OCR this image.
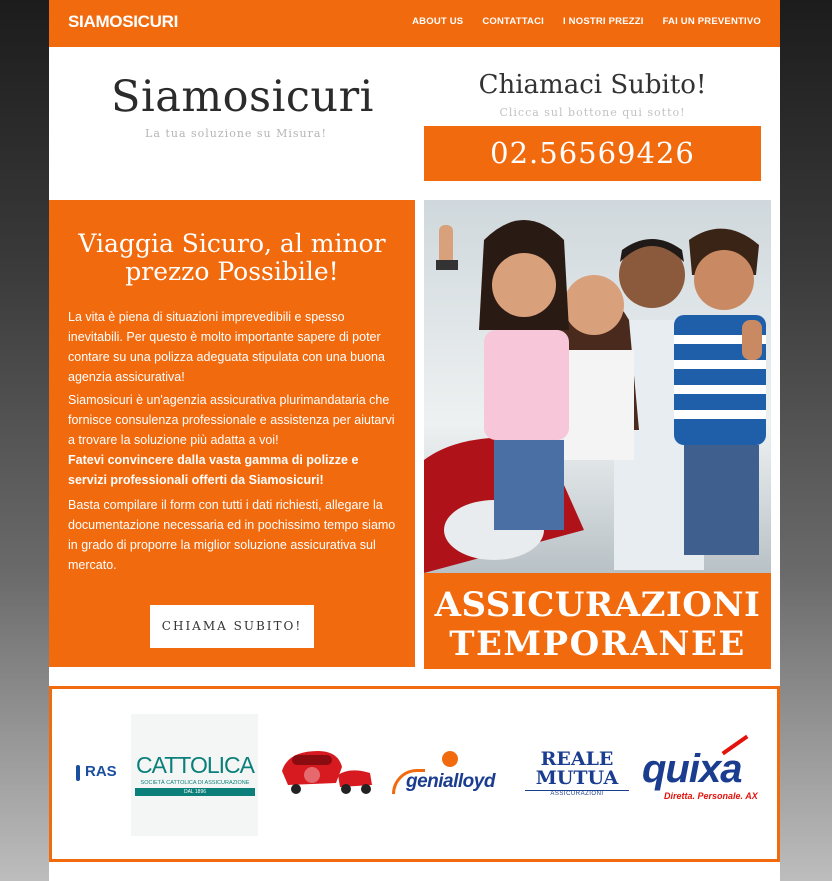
SIAMOSICURI	ABOUT US CONTATTACI I NOSTRI PREZZI FAI UN PREVENTIVO
Siamosicuri
La tua soluzione su Misura!
Chiamaci Subito!
Clicca sul bottone qui sotto!
02.56569426
Viaggia Sicuro, al minor prezzo Possibile!

La vita è piena di situazioni imprevedibili e spesso inevitabili. Per questo è molto importante sapere di poter contare su una polizza adeguata stipulata con una buona agenzia assicurativa!

Siamosicuri è un'agenzia assicurativa plurimandataria che fornisce consulenza professionale e assistenza per aiutarvi a trovare la soluzione più adatta a voi!

Fatevi convincere dalla vasta gamma di polizze e servizi professionali offerti da Siamosicuri!

Basta compilare il form con tutti i dati richiesti, allegare la documentazione necessaria ed in pochissimo tempo siamo in grado di proporre la miglior soluzione assicurativa sul mercato.

CHIAMA SUBITO!
ASSICURAZIONI
TEMPORANEE
RAS CATTOLICA
SOCIETÀ CATTOLICA DI ASSICURAZIONE
DAL 1896	genialloyd
REALE
MUTUA
ASSICURAZIONI
quixa
Diretta. Personale. AX
